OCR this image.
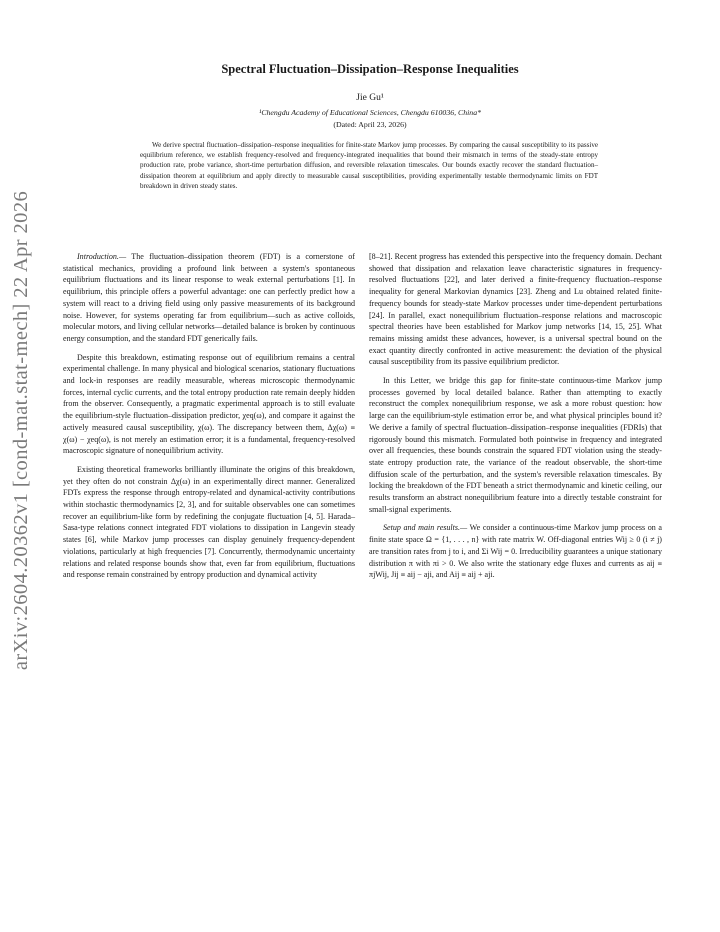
arXiv:2604.20362v1 [cond-mat.stat-mech] 22 Apr 2026
Spectral Fluctuation–Dissipation–Response Inequalities
Jie Gu¹
¹Chengdu Academy of Educational Sciences, Chengdu 610036, China*
(Dated: April 23, 2026)
We derive spectral fluctuation–dissipation–response inequalities for finite-state Markov jump processes. By comparing the causal susceptibility to its passive equilibrium reference, we establish frequency-resolved and frequency-integrated inequalities that bound their mismatch in terms of the steady-state entropy production rate, probe variance, short-time perturbation diffusion, and reversible relaxation timescales. Our bounds exactly recover the standard fluctuation–dissipation theorem at equilibrium and apply directly to measurable causal susceptibilities, providing experimentally testable thermodynamic limits on FDT breakdown in driven steady states.

Introduction.— The fluctuation–dissipation theorem (FDT) is a cornerstone of statistical mechanics, providing a profound link between a system's spontaneous equilibrium fluctuations and its linear response to weak external perturbations [1]. In equilibrium, this principle offers a powerful advantage: one can perfectly predict how a system will react to a driving field using only passive measurements of its background noise. However, for systems operating far from equilibrium—such as active colloids, molecular motors, and living cellular networks—detailed balance is broken by continuous energy consumption, and the standard FDT generically fails.

Despite this breakdown, estimating response out of equilibrium remains a central experimental challenge. In many physical and biological scenarios, stationary fluctuations and lock-in responses are readily measurable, whereas microscopic thermodynamic forces, internal cyclic currents, and the total entropy production rate remain deeply hidden from the observer. Consequently, a pragmatic experimental approach is to still evaluate the equilibrium-style fluctuation–dissipation predictor, χeq(ω), and compare it against the actively measured causal susceptibility, χ(ω). The discrepancy between them, Δχ(ω) ≡ χ(ω) − χeq(ω), is not merely an estimation error; it is a fundamental, frequency-resolved macroscopic signature of nonequilibrium activity.

Existing theoretical frameworks brilliantly illuminate the origins of this breakdown, yet they often do not constrain Δχ(ω) in an experimentally direct manner. Generalized FDTs express the response through entropy-related and dynamical-activity contributions within stochastic thermodynamics [2, 3], and for suitable observables one can sometimes recover an equilibrium-like form by redefining the conjugate fluctuation [4, 5]. Harada–Sasa-type relations connect integrated FDT violations to dissipation in Langevin steady states [6], while Markov jump processes can display genuinely frequency-dependent violations, particularly at high frequencies [7]. Concurrently, thermodynamic uncertainty relations and related response bounds show that, even far from equilibrium, fluctuations and response remain constrained by entropy production and dynamical activity

[8–21]. Recent progress has extended this perspective into the frequency domain. Dechant showed that dissipation and relaxation leave characteristic signatures in frequency-resolved fluctuations [22], and later derived a finite-frequency fluctuation–response inequality for general Markovian dynamics [23]. Zheng and Lu obtained related finite-frequency bounds for steady-state Markov processes under time-dependent perturbations [24]. In parallel, exact nonequilibrium fluctuation–response relations and macroscopic spectral theories have been established for Markov jump networks [14, 15, 25]. What remains missing amidst these advances, however, is a universal spectral bound on the exact quantity directly confronted in active measurement: the deviation of the physical causal susceptibility from its passive equilibrium predictor.

In this Letter, we bridge this gap for finite-state continuous-time Markov jump processes governed by local detailed balance. Rather than attempting to exactly reconstruct the complex nonequilibrium response, we ask a more robust question: how large can the equilibrium-style estimation error be, and what physical principles bound it? We derive a family of spectral fluctuation–dissipation–response inequalities (FDRIs) that rigorously bound this mismatch. Formulated both pointwise in frequency and integrated over all frequencies, these bounds constrain the squared FDT violation using the steady-state entropy production rate, the variance of the readout observable, the short-time diffusion scale of the perturbation, and the system's reversible relaxation timescales. By locking the breakdown of the FDT beneath a strict thermodynamic and kinetic ceiling, our results transform an abstract nonequilibrium feature into a directly testable constraint for small-signal experiments.

Setup and main results.— We consider a continuous-time Markov jump process on a finite state space Ω = {1, . . . , n} with rate matrix W. Off-diagonal entries Wij ≥ 0 (i ≠ j) are transition rates from j to i, and Σi Wij = 0. Irreducibility guarantees a unique stationary distribution π with πi > 0. We also write the stationary edge fluxes and currents as aij ≡ πjWij, Jij ≡ aij − aji, and Aij ≡ aij + aji.
